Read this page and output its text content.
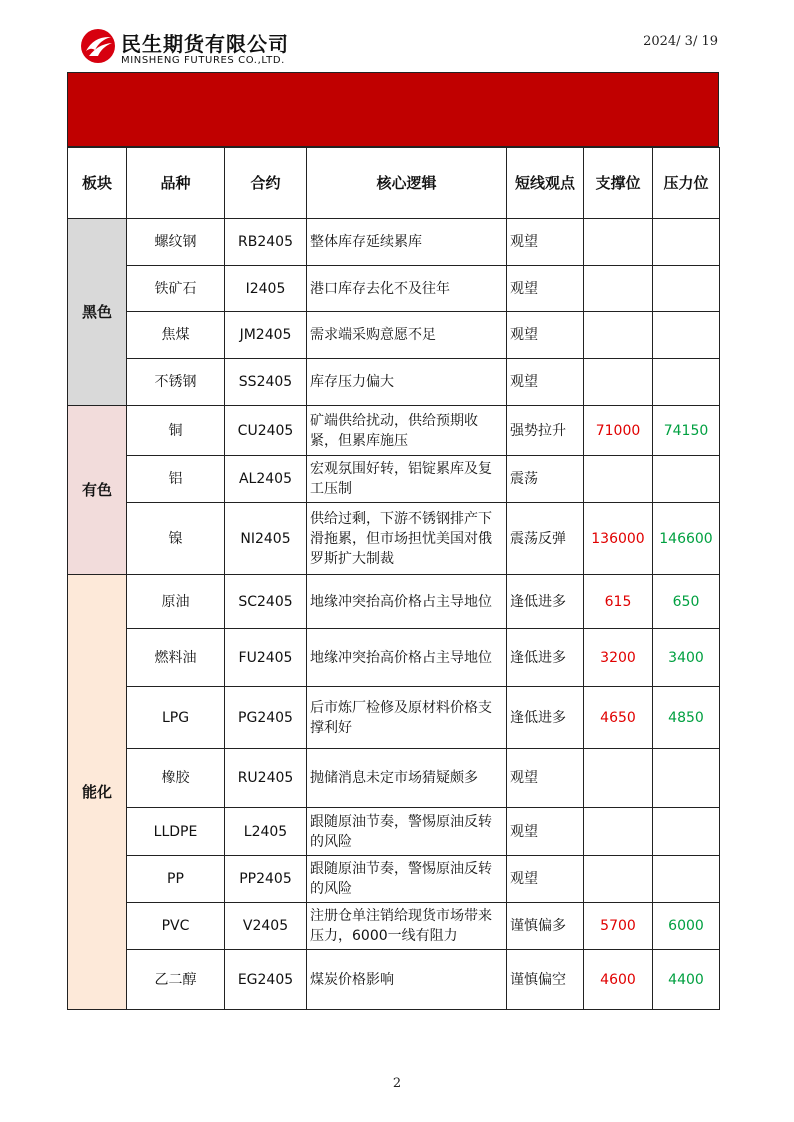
民生期货有限公司
MINSHENG FUTURES CO.,LTD.
2024/ 3/ 19
板块	品种	合约	核心逻辑	短线观点	支撑位	压力位
黑色	螺纹钢	RB2405	整体库存延续累库	观望		
	铁矿石	I2405	港口库存去化不及往年	观望		
	焦煤	JM2405	需求端采购意愿不足	观望		
	不锈钢	SS2405	库存压力偏大	观望		
有色	铜	CU2405	矿端供给扰动，供给预期收紧，但累库施压	强势拉升	71000	74150
	铝	AL2405	宏观氛围好转，铝锭累库及复工压制	震荡		
	镍	NI2405	供给过剩，下游不锈钢排产下滑拖累，但市场担忧美国对俄罗斯扩大制裁	震荡反弹	136000	146600
能化	原油	SC2405	地缘冲突抬高价格占主导地位	逢低进多	615	650
	燃料油	FU2405	地缘冲突抬高价格占主导地位	逢低进多	3200	3400
	LPG	PG2405	后市炼厂检修及原材料价格支撑利好	逢低进多	4650	4850
	橡胶	RU2405	抛储消息未定市场猜疑颇多	观望		
	LLDPE	L2405	跟随原油节奏，警惕原油反转的风险	观望		
	PP	PP2405	跟随原油节奏，警惕原油反转的风险	观望		
	PVC	V2405	注册仓单注销给现货市场带来压力，6000一线有阻力	谨慎偏多	5700	6000
	乙二醇	EG2405	煤炭价格影响	谨慎偏空	4600	4400
2
